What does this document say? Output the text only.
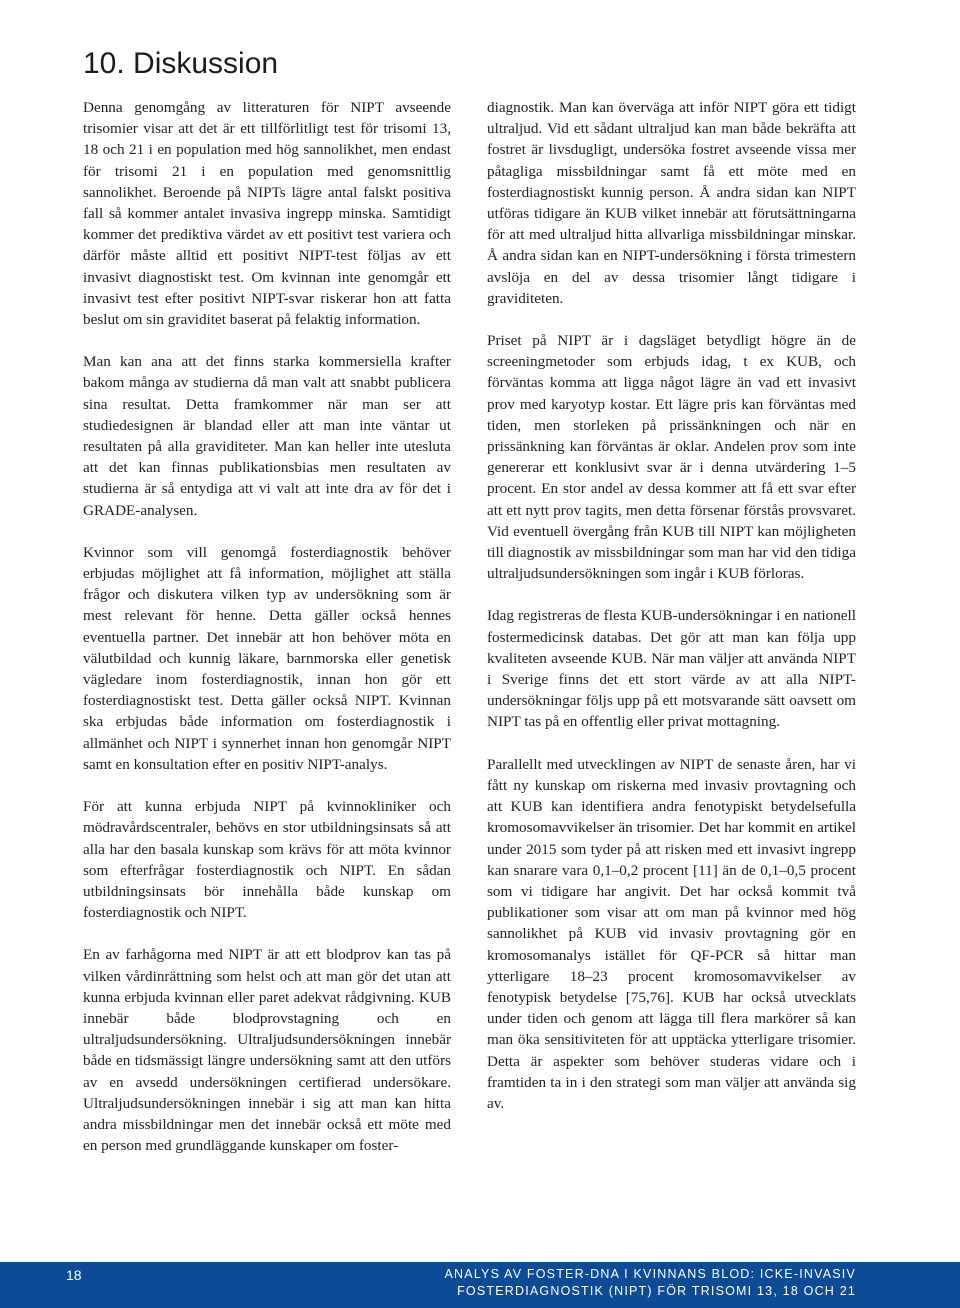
10. Diskussion

Denna genomgång av litteraturen för NIPT avseende trisomier visar att det är ett tillförlitligt test för trisomi 13, 18 och 21 i en population med hög sannolikhet, men endast för trisomi 21 i en population med genomsnittlig sannolikhet. Beroende på NIPTs lägre antal falskt positiva fall så kommer antalet invasiva ingrepp minska. Samtidigt kommer det prediktiva värdet av ett positivt test variera och därför måste alltid ett positivt NIPT-test följas av ett invasivt diagnostiskt test. Om kvinnan inte genomgår ett invasivt test efter positivt NIPT-svar riskerar hon att fatta beslut om sin graviditet baserat på felaktig information.

Man kan ana att det finns starka kommersiella krafter bakom många av studierna då man valt att snabbt publicera sina resultat. Detta framkommer när man ser att studiedesignen är blandad eller att man inte väntar ut resultaten på alla graviditeter. Man kan heller inte utesluta att det kan finnas publikationsbias men resultaten av studierna är så entydiga att vi valt att inte dra av för det i GRADE-analysen.

Kvinnor som vill genomgå fosterdiagnostik behöver erbjudas möjlighet att få information, möjlighet att ställa frågor och diskutera vilken typ av undersökning som är mest relevant för henne. Detta gäller också hennes eventuella partner. Det innebär att hon behöver möta en välutbildad och kunnig läkare, barnmorska eller genetisk vägledare inom fosterdiagnostik, innan hon gör ett fosterdiagnostiskt test. Detta gäller också NIPT. Kvinnan ska erbjudas både information om fosterdiagnostik i allmänhet och NIPT i synnerhet innan hon genomgår NIPT samt en konsultation efter en positiv NIPT-analys.

För att kunna erbjuda NIPT på kvinnokliniker och mödravårdscentraler, behövs en stor utbildningsinsats så att alla har den basala kunskap som krävs för att möta kvinnor som efterfrågar fosterdiagnostik och NIPT. En sådan utbildningsinsats bör innehålla både kunskap om fosterdiagnostik och NIPT.

En av farhågorna med NIPT är att ett blodprov kan tas på vilken vårdinrättning som helst och att man gör det utan att kunna erbjuda kvinnan eller paret adekvat rådgivning. KUB innebär både blodprovstagning och en ultraljudsundersökning. Ultraljudsundersökningen innebär både en tidsmässigt längre undersökning samt att den utförs av en avsedd undersökningen certifierad undersökare. Ultraljudsundersökningen innebär i sig att man kan hitta andra missbildningar men det innebär också ett möte med en person med grundläggande kunskaper om foster-

diagnostik. Man kan överväga att inför NIPT göra ett tidigt ultraljud. Vid ett sådant ultraljud kan man både bekräfta att fostret är livsdugligt, undersöka fostret avseende vissa mer påtagliga missbildningar samt få ett möte med en fosterdiagnostiskt kunnig person. Å andra sidan kan NIPT utföras tidigare än KUB vilket innebär att förutsättningarna för att med ultraljud hitta allvarliga missbildningar minskar. Å andra sidan kan en NIPT-undersökning i första trimestern avslöja en del av dessa trisomier långt tidigare i graviditeten.

Priset på NIPT är i dagsläget betydligt högre än de screeningmetoder som erbjuds idag, t ex KUB, och förväntas komma att ligga något lägre än vad ett invasivt prov med karyotyp kostar. Ett lägre pris kan förväntas med tiden, men storleken på prissänkningen och när en prissänkning kan förväntas är oklar. Andelen prov som inte genererar ett konklusivt svar är i denna utvärdering 1–5 procent. En stor andel av dessa kommer att få ett svar efter att ett nytt prov tagits, men detta försenar förstås provsvaret. Vid eventuell övergång från KUB till NIPT kan möjligheten till diagnostik av missbildningar som man har vid den tidiga ultraljudsundersökningen som ingår i KUB förloras.

Idag registreras de flesta KUB-undersökningar i en nationell fostermedicinsk databas. Det gör att man kan följa upp kvaliteten avseende KUB. När man väljer att använda NIPT i Sverige finns det ett stort värde av att alla NIPT-undersökningar följs upp på ett motsvarande sätt oavsett om NIPT tas på en offentlig eller privat mottagning.

Parallellt med utvecklingen av NIPT de senaste åren, har vi fått ny kunskap om riskerna med invasiv provtagning och att KUB kan identifiera andra fenotypiskt betydelsefulla kromosomavvikelser än trisomier. Det har kommit en artikel under 2015 som tyder på att risken med ett invasivt ingrepp kan snarare vara 0,1–0,2 procent [11] än de 0,1–0,5 procent som vi tidigare har angivit. Det har också kommit två publikationer som visar att om man på kvinnor med hög sannolikhet på KUB vid invasiv provtagning gör en kromosomanalys istället för QF-PCR så hittar man ytterligare 18–23 procent kromosomavvikelser av fenotypisk betydelse [75,76]. KUB har också utvecklats under tiden och genom att lägga till flera markörer så kan man öka sensitiviteten för att upptäcka ytterligare trisomier. Detta är aspekter som behöver studeras vidare och i framtiden ta in i den strategi som man väljer att använda sig av.

18	ANALYS AV FOSTER-DNA I KVINNANS BLOD: ICKE-INVASIV
FOSTERDIAGNOSTIK (NIPT) FÖR TRISOMI 13, 18 OCH 21
